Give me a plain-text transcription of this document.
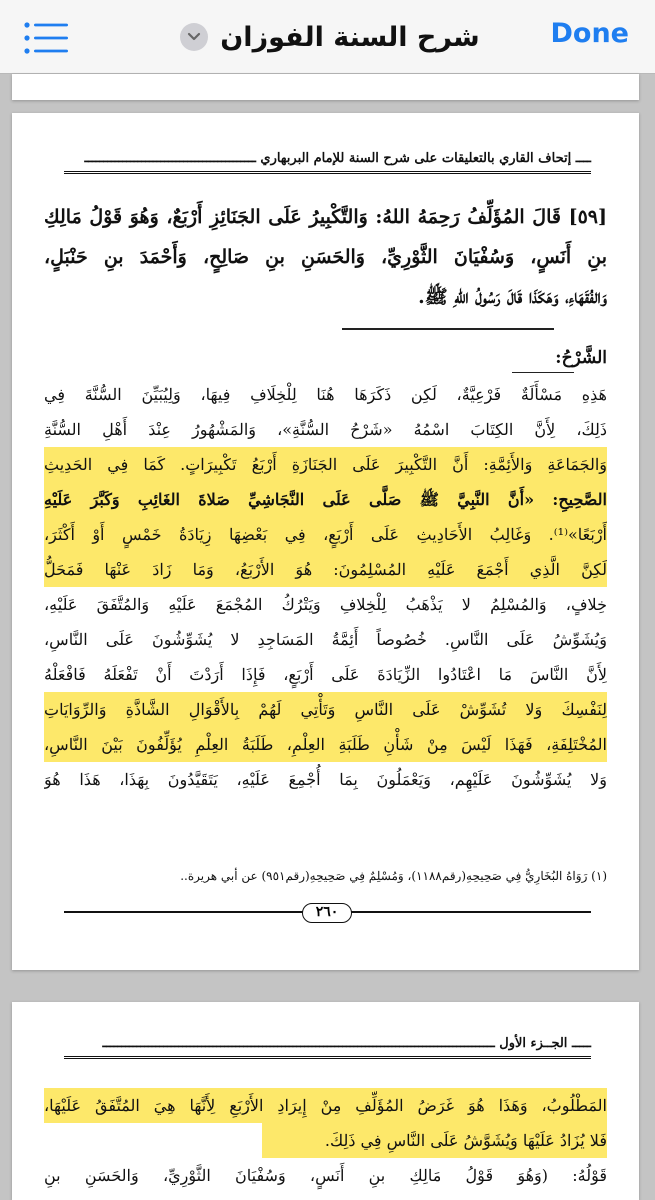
شرح السنة الفوزان	Done
ــــ إتحاف القاري بالتعليقات على شرح السنة للإمام البربهاري ـــــــــــــــــــــــــــــــــــــــــــــ
[٥٩] قَالَ المُؤَلِّفُ رَحِمَهُ اللهُ: وَالتَّكْبِيرُ عَلَى الجَنَائِزِ أَرْبَعٌ، وَهُوَ قَوْلُ مَالِكِ
بنِ أَنَسٍ، وَسُفْيَانَ الثَّوْرِيِّ، وَالحَسَنِ بنِ صَالِحٍ، وَأَحْمَدَ بنِ حَنْبَلٍ،
وَالفُقَهَاءِ، وَهَكَذَا قَالَ رَسُولُ اللهِ ﷺ.
الشَّرْحُ:
هَذِهِ مَسْأَلَةٌ فَرْعِيَّةٌ، لَكِن ذَكَرَهَا هُنَا لِلْخِلَافِ فِيهَا، وَلِيُبَيِّنَ السُّنَّةَ فِي
ذَلِكَ، لِأَنَّ الكِتَابَ اسْمُهُ «شَرْحُ السُّنَّةِ»، وَالمَشْهُورُ عِنْدَ أَهْلِ السُّنَّةِ
وَالجَمَاعَةِ وَالأَئِمَّةِ: أَنَّ التَّكْبِيرَ عَلَى الجَنَازَةِ أَرْبَعُ تَكْبِيرَاتٍ. كَمَا فِي الحَدِيثِ
الصَّحِيحِ: «أَنَّ النَّبِيَّ ﷺ صَلَّى عَلَى النَّجَاشِيِّ صَلاةَ الغَائِبِ وَكَبَّرَ عَلَيْهِ
أَرْبَعًا»⁽¹⁾. وَغَالِبُ الأَحَادِيثِ عَلَى أَرْبَعٍ، فِي بَعْضِهَا زِيَادَةُ خَمْسٍ أَوْ أَكْثَرَ،
لَكِنَّ الَّذِي أَجْمَعَ عَلَيْهِ المُسْلِمُونَ: هُوَ الأَرْبَعُ، وَمَا زَادَ عَنْهَا فَمَحَلُّ
خِلافٍ، وَالمُسْلِمُ لا يَذْهَبُ لِلْخِلافِ وَيَتْرُكُ المُجْمَعَ عَلَيْهِ وَالمُتَّفَقَ عَلَيْهِ،
وَيُشَوِّشُ عَلَى النَّاسِ. خُصُوصاً أَئِمَّةُ المَسَاجِدِ لا يُشَوِّشُونَ عَلَى النَّاسِ،
لِأَنَّ النَّاسَ مَا اعْتَادُوا الزِّيَادَةَ عَلَى أَرْبَعٍ، فَإِذَا أَرَدْتَ أَنْ تَفْعَلَهُ فَافْعَلْهُ
لِنَفْسِكَ وَلا تُشَوِّشْ عَلَى النَّاسِ وَتَأْتِي لَهُمْ بِالأَقْوَالِ الشَّاذَّةِ وَالرِّوَايَاتِ
المُخْتَلِفَةِ، فَهَذَا لَيْسَ مِنْ شَأْنِ طَلَبَةِ العِلْمِ، طَلَبَةُ العِلْمِ يُؤَلِّفُونَ بَيْنَ النَّاسِ،
وَلا يُشَوِّشُونَ عَلَيْهِم، وَيَعْمَلُونَ بِمَا أُجْمِعَ عَلَيْهِ، يَتَقَيَّدُونَ بِهَذَا، هَذَا هُوَ
(١) رَوَاهُ البُخَارِيُّ فِي صَحِيحِهِ(رقم١١٨٨)، وَمُسْلِمٌ فِي صَحِيحِهِ(رقم٩٥١) عن أبي هريرة..
٢٦٠
ـــــ الجــزء الأول ـــــــــــــــــــــــــــــــــــــــــــــــــــــــــــــــــــــــــــــــــــــــــــــــــــــــ
المَطْلُوبُ، وَهَذَا هُوَ غَرَضُ المُؤَلِّفِ مِنْ إِيرَادِ الأَرْبَعِ لِأَنَّهَا هِيَ المُتَّفَقُ عَلَيْهَا،
فَلا يُزَادُ عَلَيْهَا وَيُشَوَّشُ عَلَى النَّاسِ فِي ذَلِكَ.
قَوْلُهُ: (وَهُوَ قَوْلُ مَالِكِ بنِ أَنَسٍ، وَسُفْيَانَ الثَّوْرِيِّ، وَالحَسَنِ بنِ
